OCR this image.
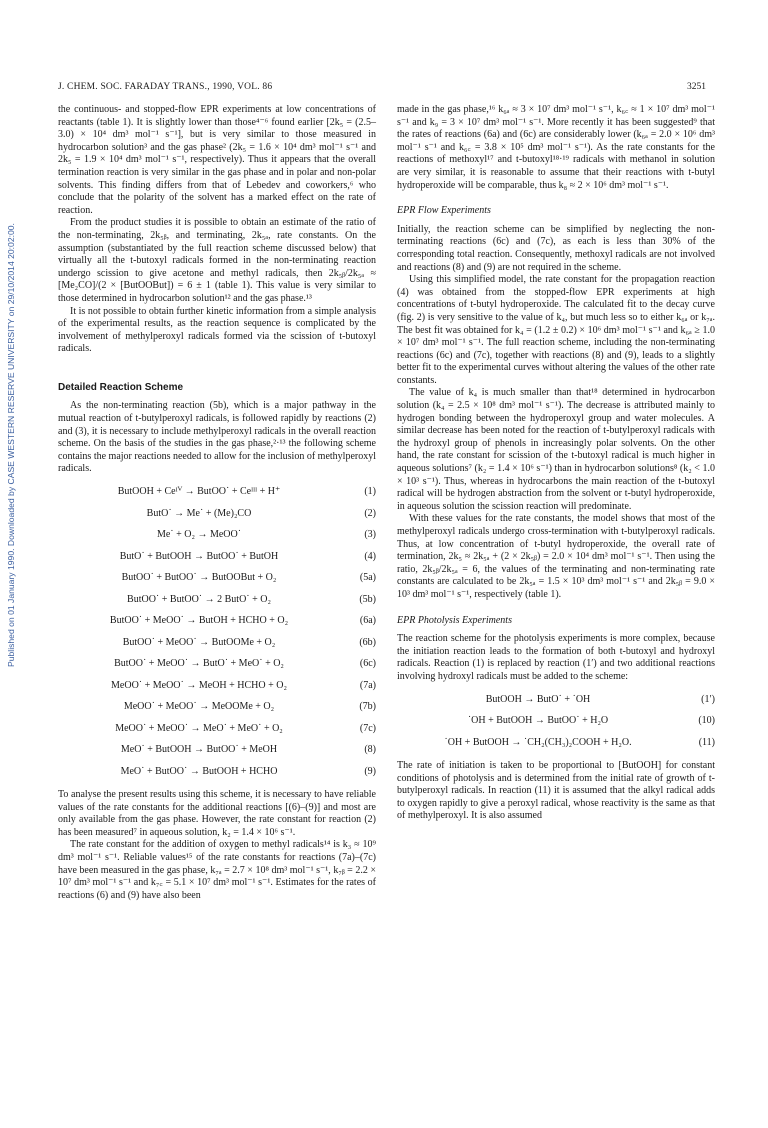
J. CHEM. SOC. FARADAY TRANS., 1990, VOL. 86	3251
Published on 01 January 1990. Downloaded by CASE WESTERN RESERVE UNIVERSITY on 29/10/2014 20:02:00.

the continuous- and stopped-flow EPR experiments at low concentrations of reactants (table 1). It is slightly lower than those⁴⁻⁶ found earlier [2k₅ = (2.5–3.0) × 10⁴ dm³ mol⁻¹ s⁻¹], but is very similar to those measured in hydrocarbon solution³ and the gas phase² (2k₅ = 1.6 × 10⁴ dm³ mol⁻¹ s⁻¹ and 2k₅ = 1.9 × 10⁴ dm³ mol⁻¹ s⁻¹, respectively). Thus it appears that the overall termination reaction is very similar in the gas phase and in polar and non-polar solvents. This finding differs from that of Lebedev and coworkers,⁶ who conclude that the polarity of the solvent has a marked effect on the rate of reaction.

From the product studies it is possible to obtain an estimate of the ratio of the non-terminating, 2k₅ᵦ, and terminating, 2k₅ₐ, rate constants. On the assumption (substantiated by the full reaction scheme discussed below) that virtually all the t-butoxyl radicals formed in the non-terminating reaction undergo scission to give acetone and methyl radicals, then 2k₅ᵦ/2k₅ₐ ≈ [Me₂CO]/(2 × [ButOOBut]) = 6 ± 1 (table 1). This value is very similar to those determined in hydrocarbon solution¹² and the gas phase.¹³

It is not possible to obtain further kinetic information from a simple analysis of the experimental results, as the reaction sequence is complicated by the involvement of methylperoxyl radicals formed via the scission of t-butoxyl radicals.

Detailed Reaction Scheme

As the non-terminating reaction (5b), which is a major pathway in the mutual reaction of t-butylperoxyl radicals, is followed rapidly by reactions (2) and (3), it is necessary to include methylperoxyl radicals in the overall reaction scheme. On the basis of the studies in the gas phase,²·¹³ the following scheme contains the major reactions needed to allow for the inclusion of methylperoxyl radicals.

ButOOH + Ceᴵⱽ → ButOO˙ + Ceᴵᴵᴵ + H⁺	(1)
ButO˙ → Me˙ + (Me)₂CO	(2)
Me˙ + O₂ → MeOO˙	(3)
ButO˙ + ButOOH → ButOO˙ + ButOH	(4)
ButOO˙ + ButOO˙ → ButOOBut + O₂	(5a)
ButOO˙ + ButOO˙ → 2 ButO˙ + O₂	(5b)
ButOO˙ + MeOO˙ → ButOH + HCHO + O₂	(6a)
ButOO˙ + MeOO˙ → ButOOMe + O₂	(6b)
ButOO˙ + MeOO˙ → ButO˙ + MeO˙ + O₂	(6c)
MeOO˙ + MeOO˙ → MeOH + HCHO + O₂	(7a)
MeOO˙ + MeOO˙ → MeOOMe + O₂	(7b)
MeOO˙ + MeOO˙ → MeO˙ + MeO˙ + O₂	(7c)
MeO˙ + ButOOH → ButOO˙ + MeOH	(8)
MeO˙ + ButOO˙ → ButOOH + HCHO	(9)

To analyse the present results using this scheme, it is necessary to have reliable values of the rate constants for the additional reactions [(6)–(9)] and most are only available from the gas phase. However, the rate constant for reaction (2) has been measured⁷ in aqueous solution, k₂ = 1.4 × 10⁶ s⁻¹.

The rate constant for the addition of oxygen to methyl radicals¹⁴ is k₃ ≈ 10⁹ dm³ mol⁻¹ s⁻¹. Reliable values¹⁵ of the rate constants for reactions (7a)–(7c) have been measured in the gas phase, k₇ₐ = 2.7 × 10⁸ dm³ mol⁻¹ s⁻¹, k₇ᵦ = 2.2 × 10⁷ dm³ mol⁻¹ s⁻¹ and k₇꜀ = 5.1 × 10⁷ dm³ mol⁻¹ s⁻¹. Estimates for the rates of reactions (6) and (9) have also been

made in the gas phase,¹⁶ k₆ₐ ≈ 3 × 10⁷ dm³ mol⁻¹ s⁻¹, k₆꜀ ≈ 1 × 10⁷ dm³ mol⁻¹ s⁻¹ and k₉ = 3 × 10⁷ dm³ mol⁻¹ s⁻¹. More recently it has been suggested⁹ that the rates of reactions (6a) and (6c) are considerably lower (k₆ₐ = 2.0 × 10⁶ dm³ mol⁻¹ s⁻¹ and k₆꜀ = 3.8 × 10⁵ dm³ mol⁻¹ s⁻¹). As the rate constants for the reactions of methoxyl¹⁷ and t-butoxyl¹⁸·¹⁹ radicals with methanol in solution are very similar, it is reasonable to assume that their reactions with t-butyl hydroperoxide will be comparable, thus k₈ ≈ 2 × 10⁶ dm³ mol⁻¹ s⁻¹.

EPR Flow Experiments

Initially, the reaction scheme can be simplified by neglecting the non-terminating reactions (6c) and (7c), as each is less than 30% of the corresponding total reaction. Consequently, methoxyl radicals are not involved and reactions (8) and (9) are not required in the scheme.

Using this simplified model, the rate constant for the propagation reaction (4) was obtained from the stopped-flow EPR experiments at high concentrations of t-butyl hydroperoxide. The calculated fit to the decay curve (fig. 2) is very sensitive to the value of k₄, but much less so to either k₆ₐ or k₇ₐ. The best fit was obtained for k₄ = (1.2 ± 0.2) × 10⁶ dm³ mol⁻¹ s⁻¹ and k₆ₐ ≥ 1.0 × 10⁷ dm³ mol⁻¹ s⁻¹. The full reaction scheme, including the non-terminating reactions (6c) and (7c), together with reactions (8) and (9), leads to a slightly better fit to the experimental curves without altering the values of the other rate constants.

The value of k₄ is much smaller than that¹⁸ determined in hydrocarbon solution (k₄ = 2.5 × 10⁸ dm³ mol⁻¹ s⁻¹). The decrease is attributed mainly to hydrogen bonding between the hydroperoxyl group and water molecules. A similar decrease has been noted for the reaction of t-butylperoxyl radicals with the hydroxyl group of phenols in increasingly polar solvents. On the other hand, the rate constant for scission of the t-butoxyl radical is much higher in aqueous solutions⁷ (k₂ = 1.4 × 10⁶ s⁻¹) than in hydrocarbon solutions⁸ (k₂ < 1.0 × 10³ s⁻¹). Thus, whereas in hydrocarbons the main reaction of the t-butoxyl radical will be hydrogen abstraction from the solvent or t-butyl hydroperoxide, in aqueous solution the scission reaction will predominate.

With these values for the rate constants, the model shows that most of the methylperoxyl radicals undergo cross-termination with t-butylperoxyl radicals. Thus, at low concentration of t-butyl hydroperoxide, the overall rate of termination, 2k₅ ≈ 2k₅ₐ + (2 × 2k₅ᵦ) = 2.0 × 10⁴ dm³ mol⁻¹ s⁻¹. Then using the ratio, 2k₅ᵦ/2k₅ₐ = 6, the values of the terminating and non-terminating rate constants are calculated to be 2k₅ₐ = 1.5 × 10³ dm³ mol⁻¹ s⁻¹ and 2k₅ᵦ = 9.0 × 10³ dm³ mol⁻¹ s⁻¹, respectively (table 1).

EPR Photolysis Experiments

The reaction scheme for the photolysis experiments is more complex, because the initiation reaction leads to the formation of both t-butoxyl and hydroxyl radicals. Reaction (1) is replaced by reaction (1′) and two additional reactions involving hydroxyl radicals must be added to the scheme:

ButOOH → ButO˙ + ˙OH	(1′)
˙OH + ButOOH → ButOO˙ + H₂O	(10)
˙OH + ButOOH → ˙CH₂(CH₃)₂COOH + H₂O.	(11)

The rate of initiation is taken to be proportional to [ButOOH] for constant conditions of photolysis and is determined from the initial rate of growth of t-butylperoxyl radicals. In reaction (11) it is assumed that the alkyl radical adds to oxygen rapidly to give a peroxyl radical, whose reactivity is the same as that of methylperoxyl. It is also assumed
